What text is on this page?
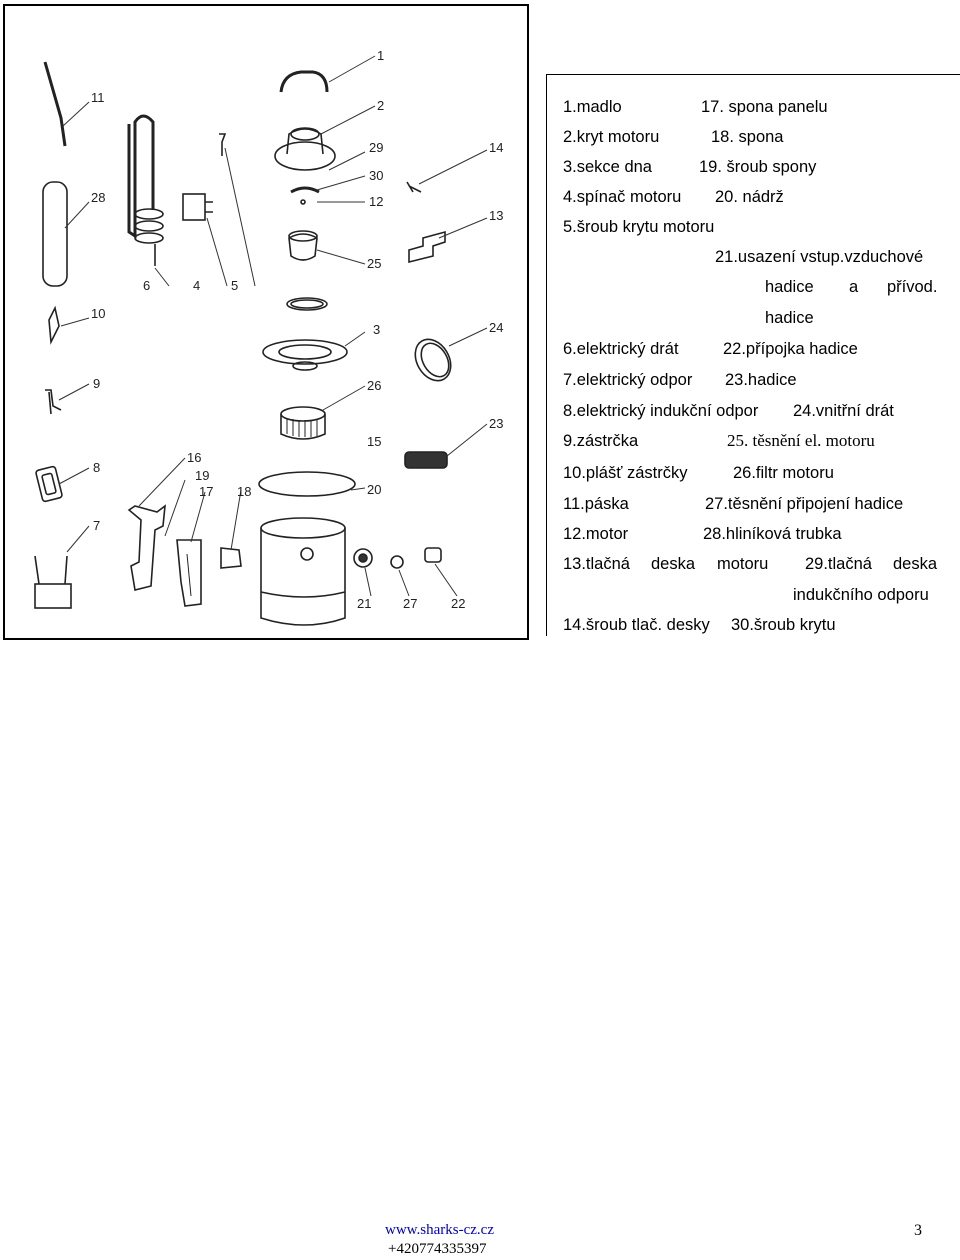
1
2
29
30
12
25
3
26
15
20
14
13
24
23
11
28
10
9
8
7
6	4 5
16
19
17 18
21 27	22
1.madlo	17. spona panelu
2.kryt motoru	18. spona
3.sekce dna	19. šroub spony
4.spínač motoru 20. nádrž
5.šroub krytu motoru
21.usazení vstup.vzduchové
hadice a přívod.
hadice
6.elektrický drát	22.přípojka hadice
7.elektrický odpor 23.hadice
8.elektrický indukční odpor 24.vnitřní drát
9.zástrčka	25. těsnění el. motoru
10.plášť zástrčky	26.filtr motoru
11.páska	27.těsnění připojení hadice
12.motor	28.hliníková trubka
13.tlačná deska motoru 29.tlačná deska
indukčního odporu
14.šroub tlač. desky 30.šroub krytu
www.sharks-cz.cz
+420774335397
3
